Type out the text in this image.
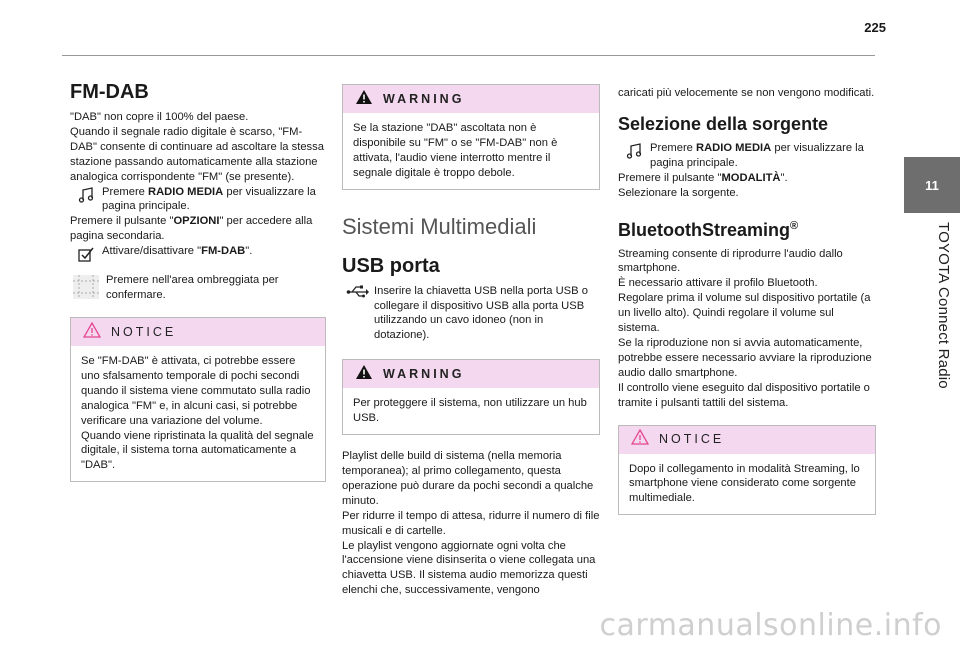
225
11
TOYOTA Connect Radio
FM-DAB

"DAB" non copre il 100% del paese.
Quando il segnale radio digitale è scarso, "FM-DAB" consente di continuare ad ascoltare la stessa stazione passando automaticamente alla stazione analogica corrispondente "FM" (se presente).

Premere RADIO MEDIA per visualizzare la pagina principale.

Premere il pulsante "OPZIONI" per accedere alla pagina secondaria.

Attivare/disattivare "FM-DAB".

Premere nell'area ombreggiata per confermare.

NOTICE

Se "FM-DAB" è attivata, ci potrebbe essere uno sfalsamento temporale di pochi secondi quando il sistema viene commutato sulla radio analogica "FM" e, in alcuni casi, si potrebbe verificare una variazione del volume.
Quando viene ripristinata la qualità del segnale digitale, il sistema torna automaticamente a "DAB".

WARNING

Se la stazione "DAB" ascoltata non è disponibile su "FM" o se "FM-DAB" non è attivata, l'audio viene interrotto mentre il segnale digitale è troppo debole.

Sistemi Multimediali
USB porta

Inserire la chiavetta USB nella porta USB o collegare il dispositivo USB alla porta USB utilizzando un cavo idoneo (non in dotazione).

WARNING

Per proteggere il sistema, non utilizzare un hub USB.

Playlist delle build di sistema (nella memoria temporanea); al primo collegamento, questa operazione può durare da pochi secondi a qualche minuto.
Per ridurre il tempo di attesa, ridurre il numero di file musicali e di cartelle.
Le playlist vengono aggiornate ogni volta che l'accensione viene disinserita o viene collegata una chiavetta USB. Il sistema audio memorizza questi elenchi che, successivamente, vengono

caricati più velocemente se non vengono modificati.

Selezione della sorgente

Premere RADIO MEDIA per visualizzare la pagina principale.

Premere il pulsante "MODALITÀ".

Selezionare la sorgente.

BluetoothStreaming®

Streaming consente di riprodurre l'audio dallo smartphone.
È necessario attivare il profilo Bluetooth.
Regolare prima il volume sul dispositivo portatile (a un livello alto). Quindi regolare il volume sul sistema.
Se la riproduzione non si avvia automaticamente, potrebbe essere necessario avviare la riproduzione audio dallo smartphone.
Il controllo viene eseguito dal dispositivo portatile o tramite i pulsanti tattili del sistema.

NOTICE

Dopo il collegamento in modalità Streaming, lo smartphone viene considerato come sorgente multimediale.

carmanualsonline.info
